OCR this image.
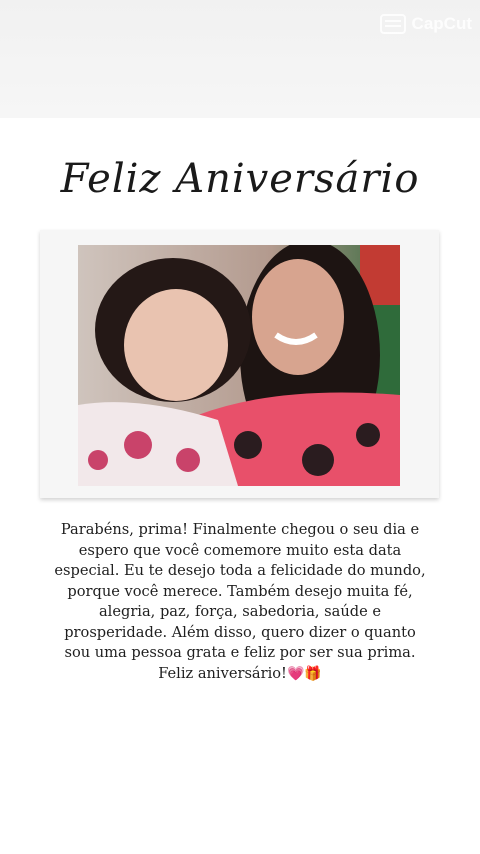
CapCut
Feliz Aniversário

Parabéns, prima! Finalmente chegou o seu dia e espero que você comemore muito esta data especial. Eu te desejo toda a felicidade do mundo, porque você merece. Também desejo muita fé, alegria, paz, força, sabedoria, saúde e prosperidade. Além disso, quero dizer o quanto sou uma pessoa grata e feliz por ser sua prima. Feliz aniversário!💗🎁
